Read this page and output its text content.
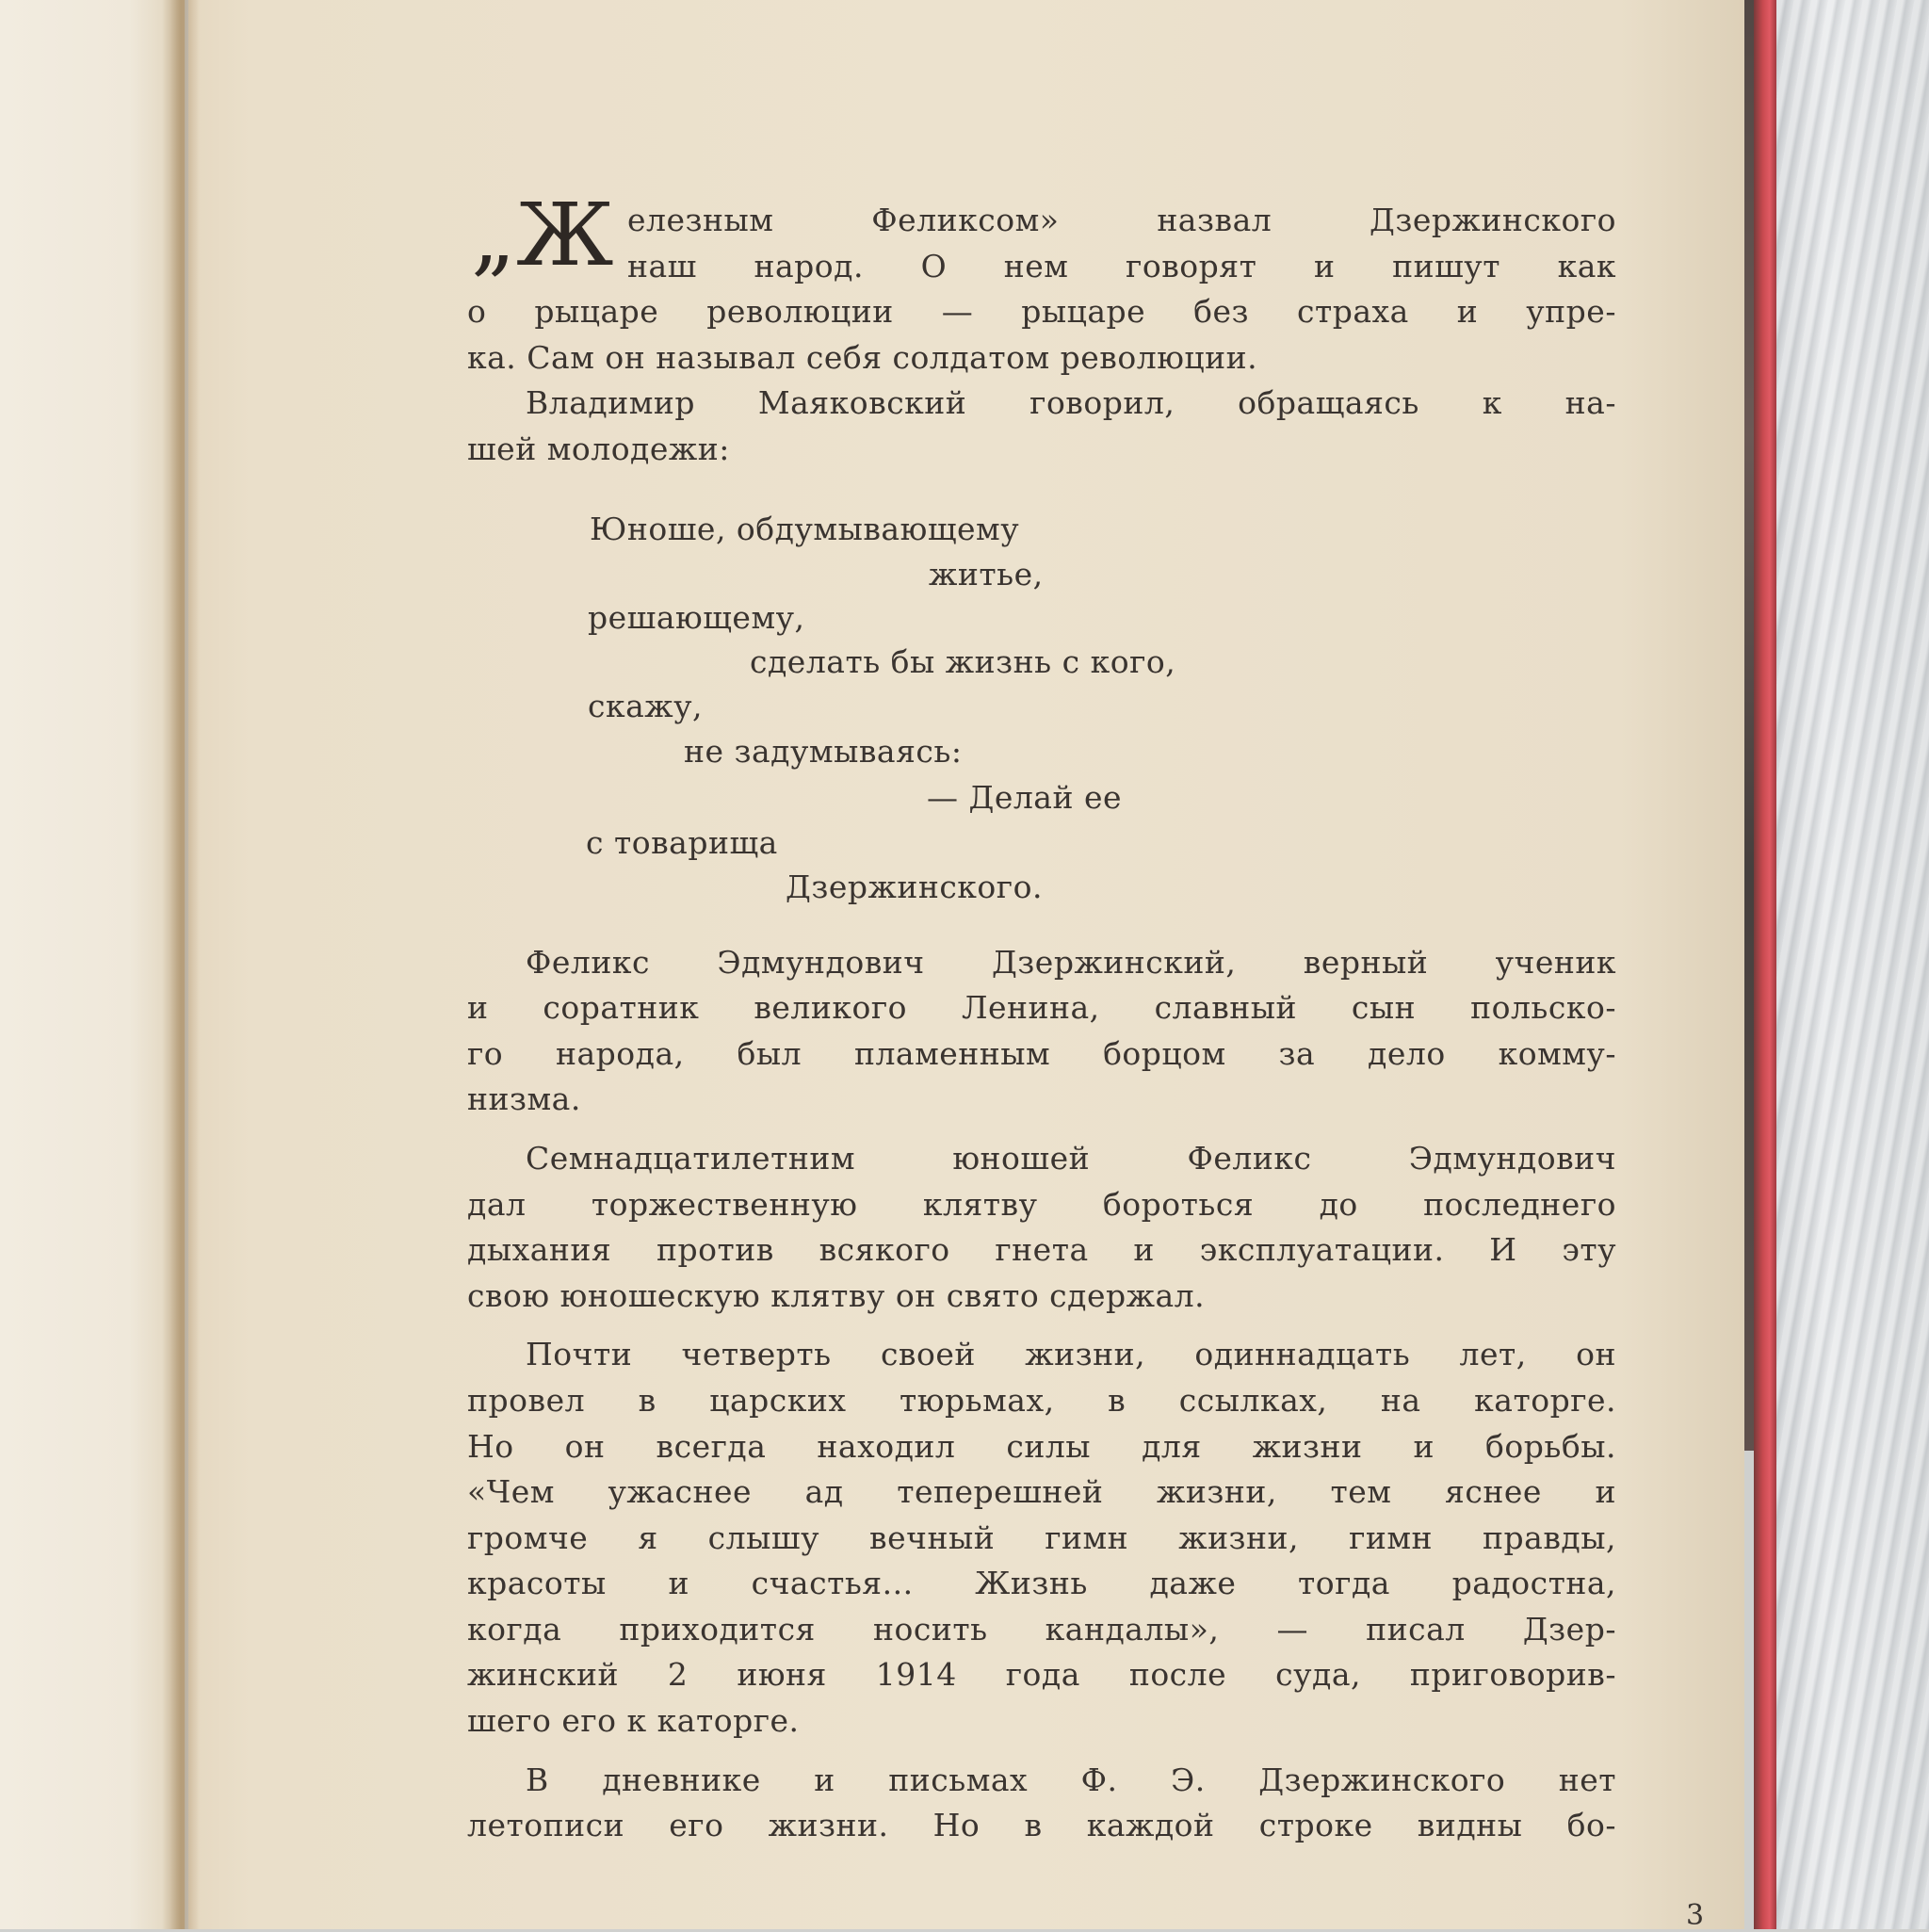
„Ж елезным Феликсом» назвал Дзержинского
наш народ. О нем говорят и пишут как
о рыцаре революции — рыцаре без страха и упре-
ка. Сам он называл себя солдатом революции.
Владимир Маяковский говорил, обращаясь к на-
шей молодежи:
Юноше, обдумывающему
житье,
решающему,
сделать бы жизнь с кого,
скажу,
не задумываясь:
— Делай ее
с товарища
Дзержинского.
Феликс Эдмундович Дзержинский, верный ученик
и соратник великого Ленина, славный сын польско-
го народа, был пламенным борцом за дело комму-
низма.
Семнадцатилетним юношей Феликс Эдмундович
дал торжественную клятву бороться до последнего
дыхания против всякого гнета и эксплуатации. И эту
свою юношескую клятву он свято сдержал.
Почти четверть своей жизни, одиннадцать лет, он
провел в царских тюрьмах, в ссылках, на каторге.
Но он всегда находил силы для жизни и борьбы.
«Чем ужаснее ад теперешней жизни, тем яснее и
громче я слышу вечный гимн жизни, гимн правды,
красоты и счастья... Жизнь даже тогда радостна,
когда приходится носить кандалы», — писал Дзер-
жинский 2 июня 1914 года после суда, приговорив-
шего его к каторге.
В дневнике и письмах Ф. Э. Дзержинского нет
летописи его жизни. Но в каждой строке видны бо-
3
